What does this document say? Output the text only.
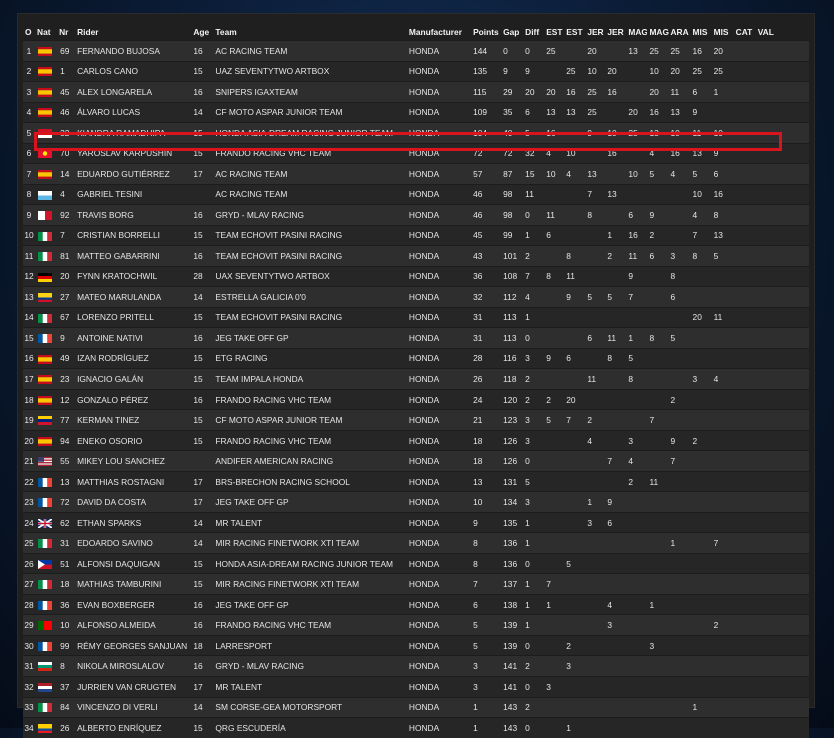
O	Nat	Nr	Rider	Age	Team	Manufacturer	Points	Gap	Diff	EST	EST	JER	JER	MAG	MAG	ARA	MIS	MIS	CAT	VAL
1		69	FERNANDO BUJOSA	16	AC RACING TEAM	HONDA	144	0	0	25		20		13	25	25	16	20		
2		1	CARLOS CANO	15	UAZ SEVENTYTWO ARTBOX	HONDA	135	9	9		25	10	20		10	20	25	25		
3		45	ALEX LONGARELA	16	SNIPERS IGAXTEAM	HONDA	115	29	20	20	16	25	16		20	11	6	1		
4		46	ÁLVARO LUCAS	14	CF MOTO ASPAR JUNIOR TEAM	HONDA	109	35	6	13	13	25		20	16	13	9			
5		32	KIANDRA RAMADHIPA	15	HONDA ASIA-DREAM RACING JUNIOR TEAM	HONDA	104	40	5	16		9	10	25	13	10	11	10		
6		70	YAROSLAV KARPUSHIN	15	FRANDO RACING VHC TEAM	HONDA	72	72	32	4	10		16		4	16	13	9		
7		14	EDUARDO GUTIÉRREZ	17	AC RACING TEAM	HONDA	57	87	15	10	4	13		10	5	4	5	6		
8		4	GABRIEL TESINI		AC RACING TEAM	HONDA	46	98	11			7	13				10	16		
9		92	TRAVIS BORG	16	GRYD - MLAV RACING	HONDA	46	98	0	11		8		6	9		4	8		
10		7	CRISTIAN BORRELLI	15	TEAM ECHOVIT PASINI RACING	HONDA	45	99	1	6			1	16	2		7	13		
11		81	MATTEO GABARRINI	16	TEAM ECHOVIT PASINI RACING	HONDA	43	101	2		8		2	11	6	3	8	5		
12		20	FYNN KRATOCHWIL	28	UAX SEVENTYTWO ARTBOX	HONDA	36	108	7	8	11			9		8				
13		27	MATEO MARULANDA	14	ESTRELLA GALICIA 0'0	HONDA	32	112	4		9	5	5	7		6				
14		67	LORENZO PRITELL	15	TEAM ECHOVIT PASINI RACING	HONDA	31	113	1								20	11		
15		9	ANTOINE NATIVI	16	JEG TAKE OFF GP	HONDA	31	113	0			6	11	1	8	5				
16		49	IZAN RODRÍGUEZ	15	ETG RACING	HONDA	28	116	3	9	6		8	5						
17		23	IGNACIO GALÁN	15	TEAM IMPALA HONDA	HONDA	26	118	2			11		8			3	4		
18		12	GONZALO PÉREZ	16	FRANDO RACING VHC TEAM	HONDA	24	120	2	2	20					2				
19		77	KERMAN TINEZ	15	CF MOTO ASPAR JUNIOR TEAM	HONDA	21	123	3	5	7	2			7					
20		94	ENEKO OSORIO	15	FRANDO RACING VHC TEAM	HONDA	18	126	3			4		3		9	2			
21		55	MIKEY LOU SANCHEZ		ANDIFER AMERICAN RACING	HONDA	18	126	0				7	4		7				
22		13	MATTHIAS ROSTAGNI	17	BRS-BRECHON RACING SCHOOL	HONDA	13	131	5					2	11					
23		72	DAVID DA COSTA	17	JEG TAKE OFF GP	HONDA	10	134	3			1	9							
24		62	ETHAN SPARKS	14	MR TALENT	HONDA	9	135	1			3	6							
25		31	EDOARDO SAVINO	14	MIR RACING FINETWORK XTI TEAM	HONDA	8	136	1							1		7		
26		51	ALFONSI DAQUIGAN	15	HONDA ASIA-DREAM RACING JUNIOR TEAM	HONDA	8	136	0		5									
27		18	MATHIAS TAMBURINI	15	MIR RACING FINETWORK XTI TEAM	HONDA	7	137	1	7										
28		36	EVAN BOXBERGER	16	JEG TAKE OFF GP	HONDA	6	138	1	1			4		1					
29		10	ALFONSO ALMEIDA	16	FRANDO RACING VHC TEAM	HONDA	5	139	1				3					2		
30		99	RÉMY GEORGES SANJUAN	18	LARRESPORT	HONDA	5	139	0		2				3					
31		8	NIKOLA MIROSLALOV	16	GRYD - MLAV RACING	HONDA	3	141	2		3									
32		37	JURRIEN VAN CRUGTEN	17	MR TALENT	HONDA	3	141	0	3										
33		84	VINCENZO DI VERLI	14	SM CORSE-GEA MOTORSPORT	HONDA	1	143	2								1			
34		26	ALBERTO ENRÍQUEZ	15	QRG ESCUDERÍA	HONDA	1	143	0		1									
